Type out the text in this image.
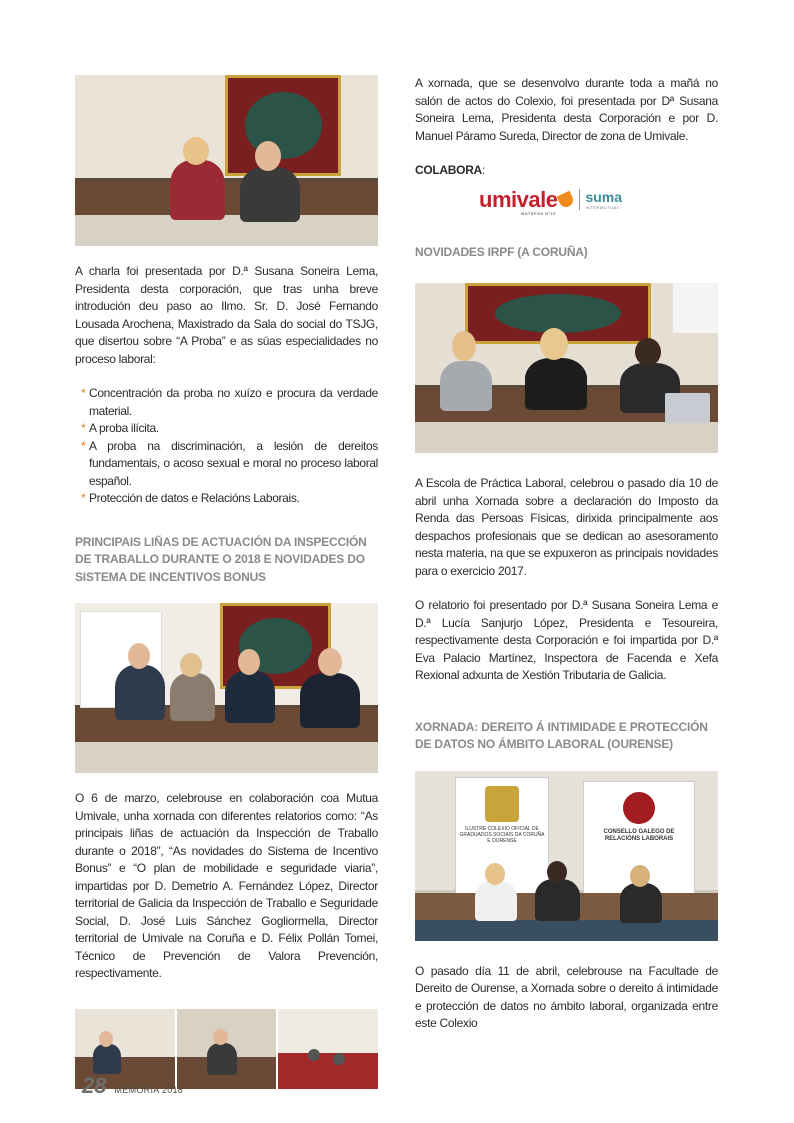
A charla foi presentada por D.ª Susana Soneira Lema, Presidenta desta corporación, que tras unha breve introdución deu paso ao Ilmo. Sr. D. José Fernando Lousada Arochena, Maxistrado da Sala do social do TSJG, que disertou sobre “A Proba” e as súas especialidades no proceso laboral:

* Concentración da proba no xuízo e procura da verdade material.
* A proba ilícita.
* A proba na discriminación, a lesión de dereitos fundamentais, o acoso sexual e moral no proceso laboral español.
* Protección de datos e Relacións Laborais.
PRINCIPAIS LIÑAS DE ACTUACIÓN DA INSPECCIÓN DE TRABALLO DURANTE O 2018 E NOVIDADES DO SISTEMA DE INCENTIVOS BONUS

O 6 de marzo, celebrouse en colaboración coa Mutua Umivale, unha xornada con diferentes relatorios como: “As principais liñas de actuación da Inspección de Traballo durante o 2018”, “As novidades do Sistema de Incentivo Bonus” e “O plan de mobilidade e seguridade viaria”, impartidas por D. Demetrio A. Fernández López, Director territorial de Galicia da Inspección de Traballo e Seguridade Social, D. José Luis Sánchez Gogliormella, Director territorial de Umivale na Coruña e D. Félix Pollán Tomei, Técnico de Prevención de Valora Prevención, respectivamente.

A xornada, que se desenvolvo durante toda a mañá no salón de actos do Colexio, foi presentada por Dª Susana Soneira Lema, Presidenta desta Corporación e por D. Manuel Páramo Sureda, Director de zona de Umivale.

COLABORA:

umivale
MATEPSS Nº15
suma
INTERMUTUAL
NOVIDADES IRPF (A CORUÑA)

A Escola de Práctica Laboral, celebrou o pasado día 10 de abril unha Xornada sobre a declaración do Imposto da Renda das Persoas Físicas, dirixida principalmente aos despachos profesionais que se dedican ao asesoramento nesta materia, na que se expuxeron as principais novidades para o exercicio 2017.

O relatorio foi presentado por D.ª Susana Soneira Lema e D.ª Lucía Sanjurjo López, Presidenta e Tesoureira, respectivamente desta Corporación e foi impartida por D.ª Eva Palacio Martínez, Inspectora de Facenda e Xefa Rexional adxunta de Xestión Tributaria de Galicia.

XORNADA: DEREITO Á INTIMIDADE E PROTECCIÓN DE DATOS NO ÁMBITO LABORAL (OURENSE)
ILUSTRE COLEXIO OFICIAL DE GRADUADOS SOCIAIS DA CORUÑA E OURENSE
CONSELLO GALEGO DE RELACIÓNS LABORAIS

O pasado día 11 de abril, celebrouse na Facultade de Dereito de Ourense, a Xornada sobre o dereito á intimidade e protección de datos no ámbito laboral, organizada entre este Colexio

28 MEMORIA 2018
